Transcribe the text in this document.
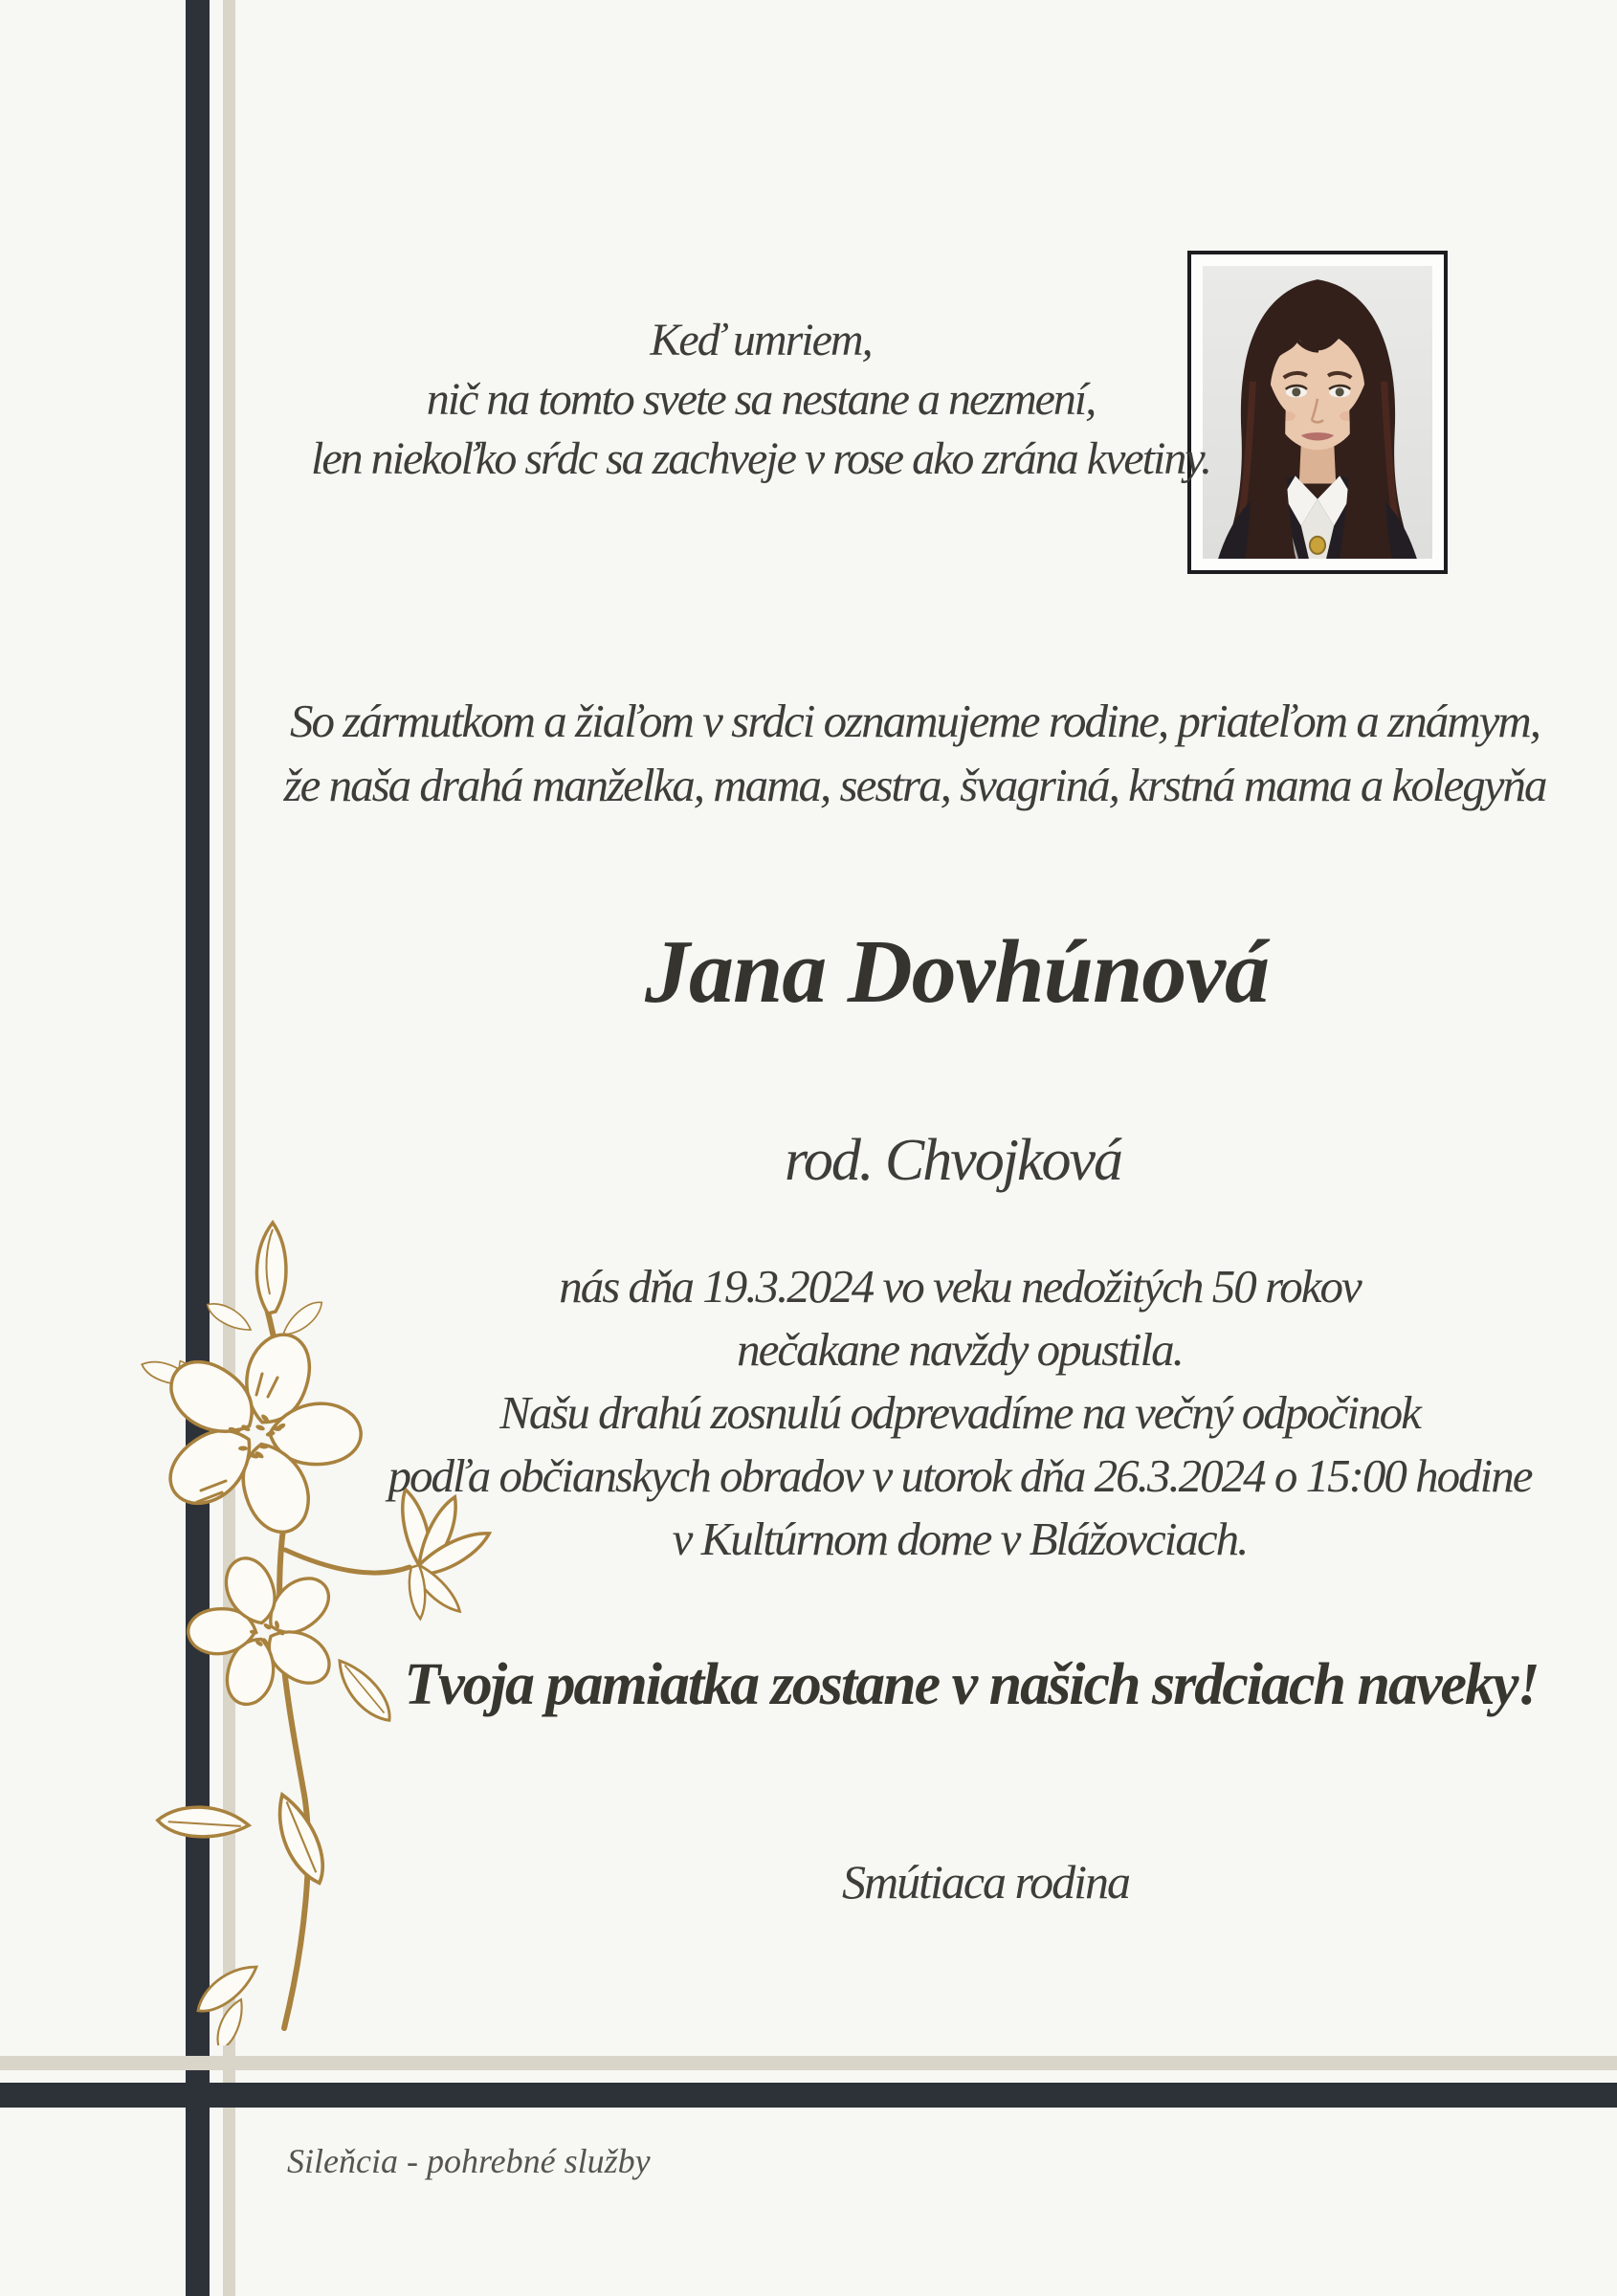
Keď umriem,
nič na tomto svete sa nestane a nezmení,
len niekoľko sŕdc sa zachveje v rose ako zrána kvetiny.
So zármutkom a žiaľom v srdci oznamujeme rodine, priateľom a známym,
že naša drahá manželka, mama, sestra, švagriná, krstná mama a kolegyňa
Jana Dovhúnová
rod. Chvojková
nás dňa 19.3.2024 vo veku nedožitých 50 rokov
nečakane navždy opustila.
Našu drahú zosnulú odprevadíme na večný odpočinok
podľa občianskych obradov v utorok dňa 26.3.2024 o 15:00 hodine
v Kultúrnom dome v Blážovciach.
Tvoja pamiatka zostane v našich srdciach naveky!
Smútiaca rodina
Sileňcia - pohrebné služby
